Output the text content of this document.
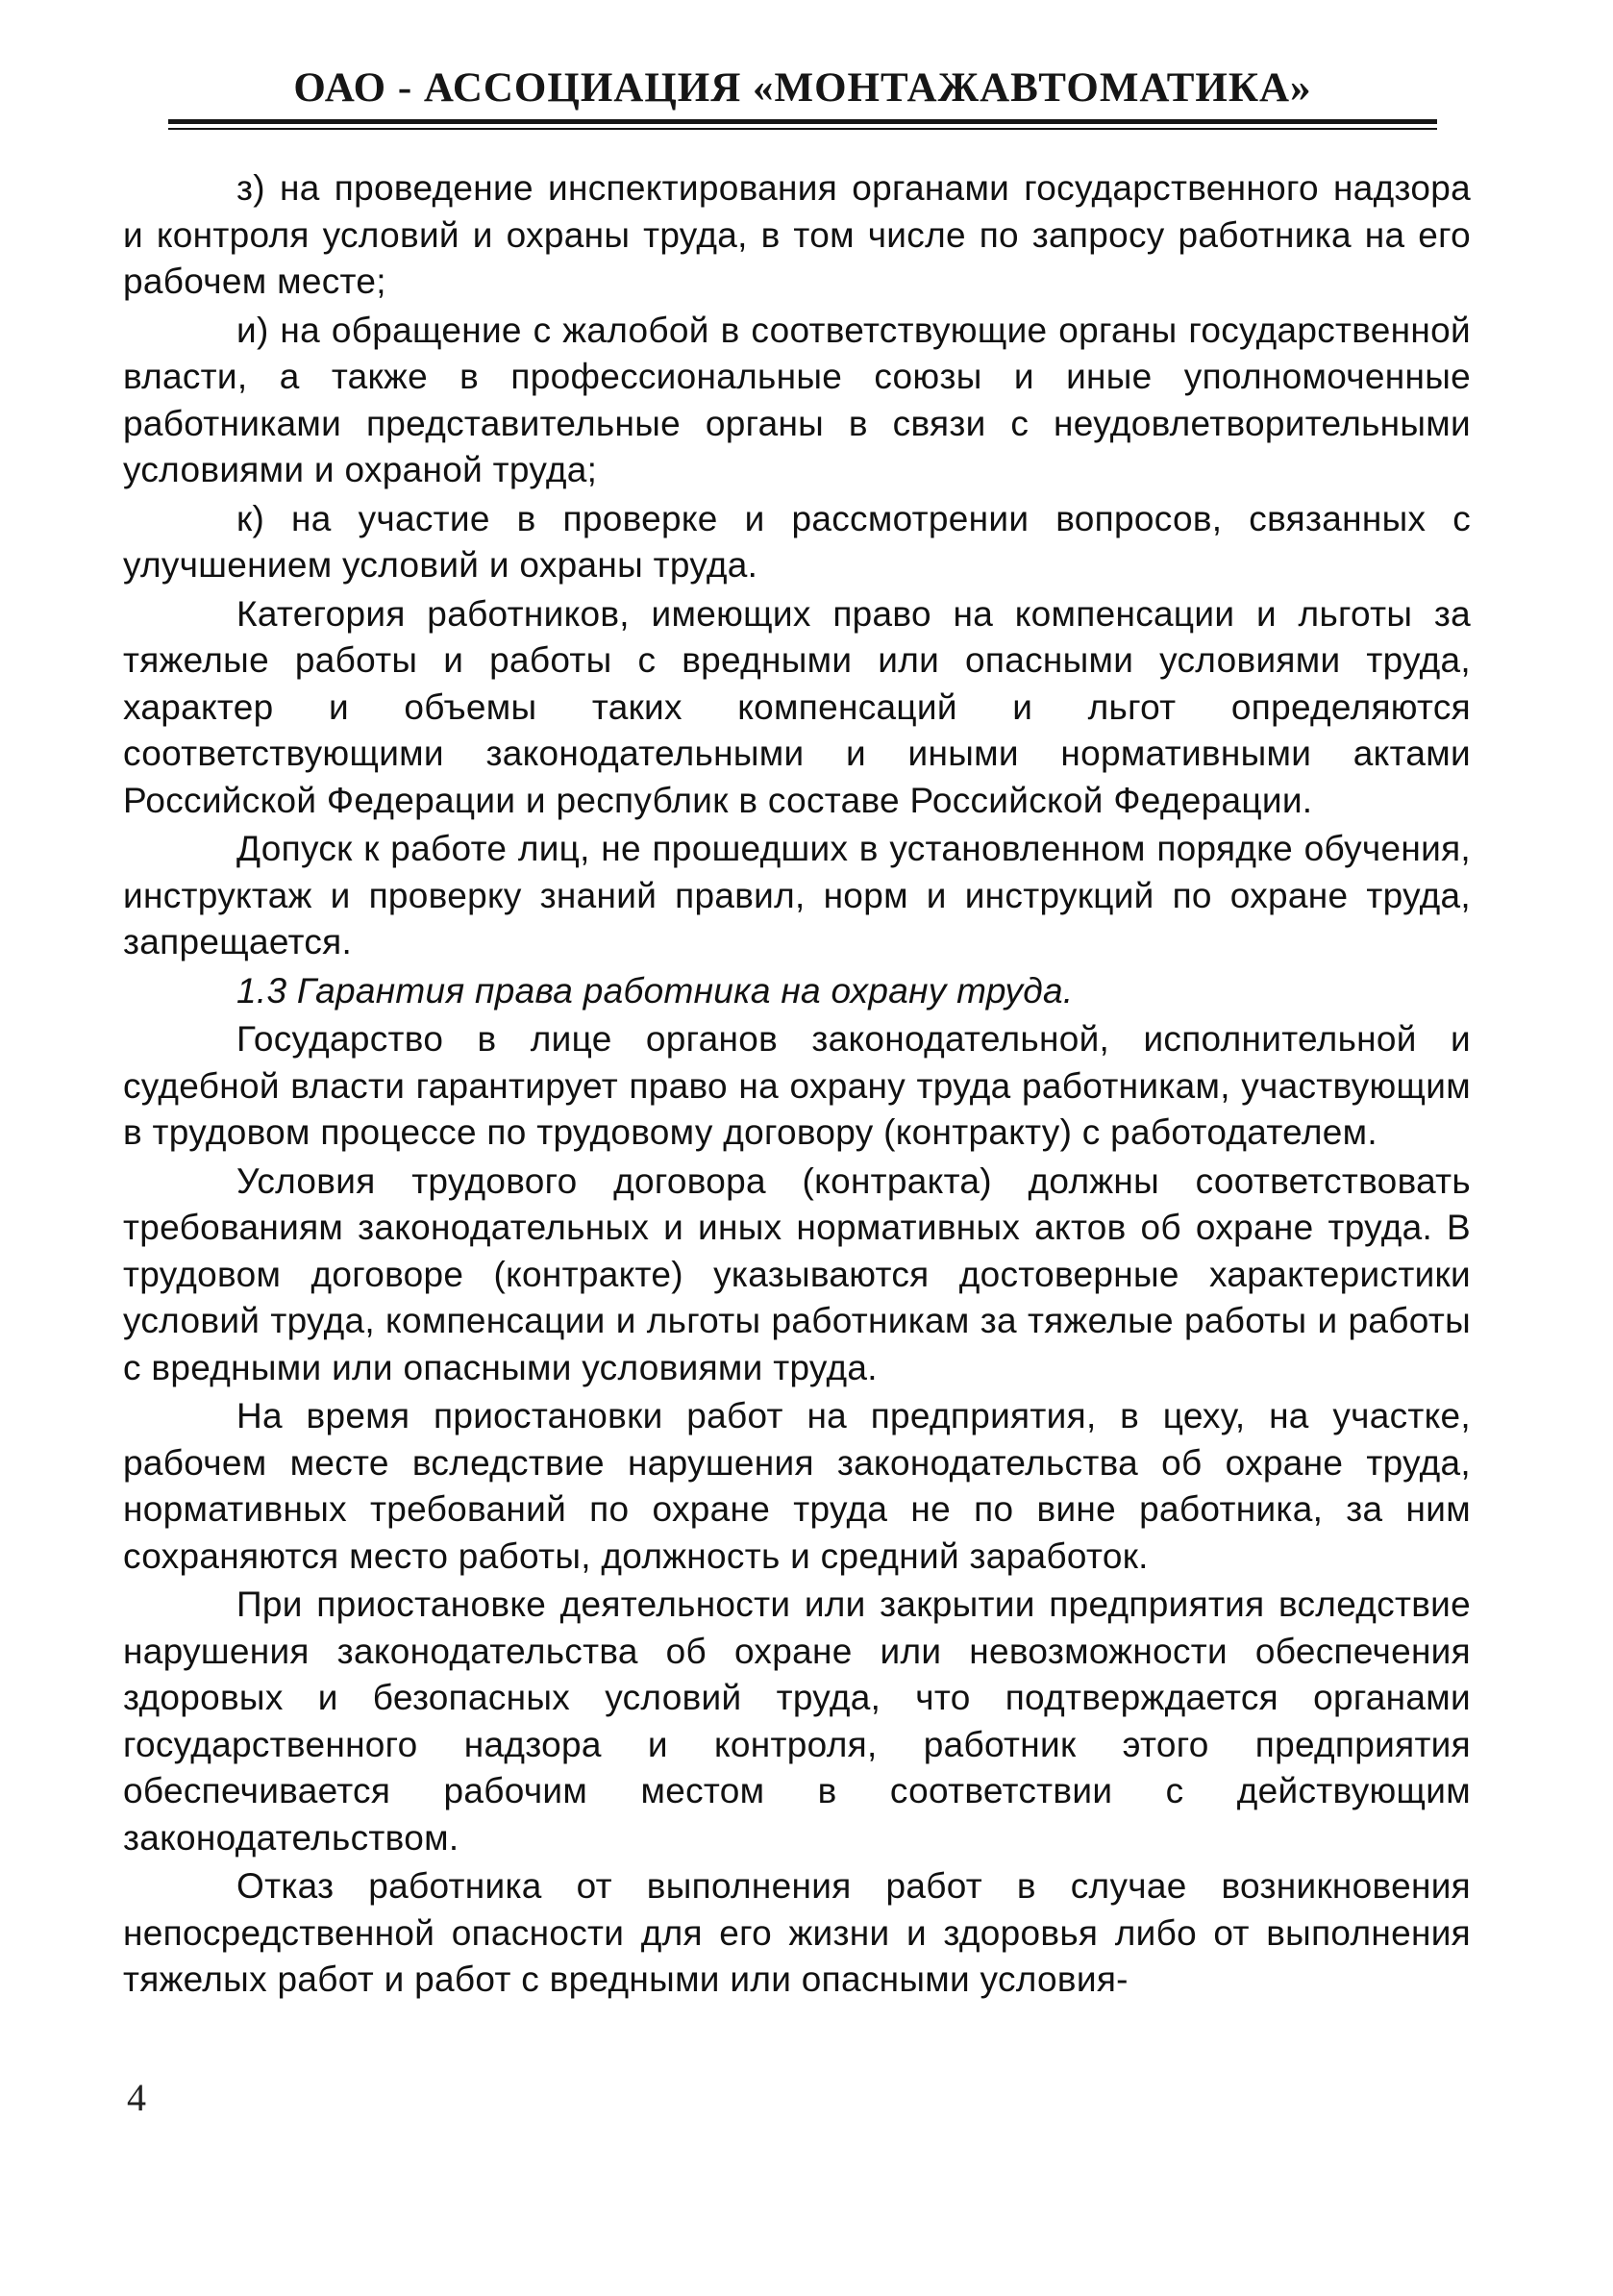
ОАО - АССОЦИАЦИЯ «МОНТАЖАВТОМАТИКА»

з) на проведение инспектирования органами государственного надзора и контроля условий и охраны труда, в том числе по запросу работника на его рабочем месте;

и) на обращение с жалобой в соответствующие органы государственной власти, а также в профессиональные союзы и иные уполномоченные работниками представительные органы в связи с неудовлетворительными условиями и охраной труда;

к) на участие в проверке и рассмотрении вопросов, связанных с улучшением условий и охраны труда.

Категория работников, имеющих право на компенсации и льготы за тяжелые работы и работы с вредными или опасными условиями труда, характер и объемы таких компенсаций и льгот определяются соответствующими законодательными и иными нормативными актами Российской Федерации и республик в составе Российской Федерации.

Допуск к работе лиц, не прошедших в установленном порядке обучения, инструктаж и проверку знаний правил, норм и инструкций по охране труда, запрещается.

1.3 Гарантия права работника на охрану труда.

Государство в лице органов законодательной, исполнительной и судебной власти гарантирует право на охрану труда работникам, участвующим в трудовом процессе по трудовому договору (контракту) с работодателем.

Условия трудового договора (контракта) должны соответствовать требованиям законодательных и иных нормативных актов об охране труда. В трудовом договоре (контракте) указываются достоверные характеристики условий труда, компенсации и льготы работникам за тяжелые работы и работы с вредными или опасными условиями труда.

На время приостановки работ на предприятия, в цеху, на участке, рабочем месте вследствие нарушения законодательства об охране труда, нормативных требований по охране труда не по вине работника, за ним сохраняются место работы, должность и средний заработок.

При приостановке деятельности или закрытии предприятия вследствие нарушения законодательства об охране или невозможности обеспечения здоровых и безопасных условий труда, что подтверждается органами государственного надзора и контроля, работник этого предприятия обеспечивается рабочим местом в соответствии с действующим законодательством.

Отказ работника от выполнения работ в случае возникновения непосредственной опасности для его жизни и здоровья либо от выполнения тяжелых работ и работ с вредными или опасными условия-

4
